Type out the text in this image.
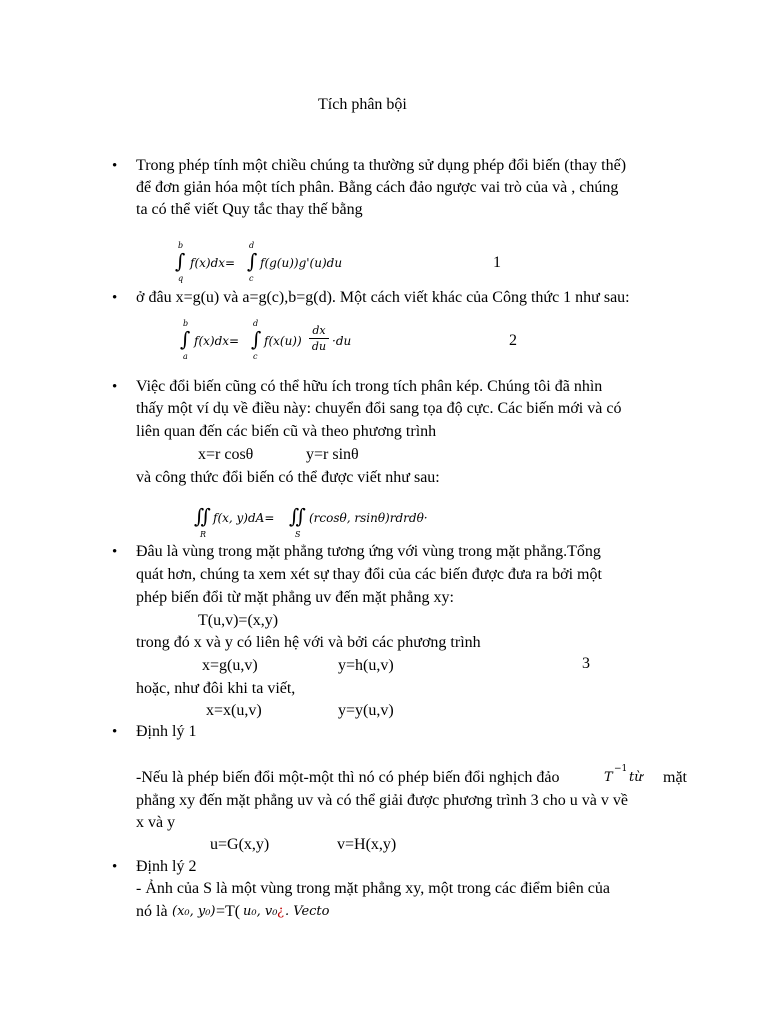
Tích phân bội
• Trong phép tính một chiều chúng ta thường sử dụng phép đổi biến (thay thế)
để đơn giản hóa một tích phân. Bằng cách đảo ngược vai trò của và , chúng
ta có thể viết Quy tắc thay thế bằng
b
∫
q
f(x)dx=
d
∫
c
f(g(u))g'(u)du	1
• ở đâu x=g(u) và a=g(c),b=g(d). Một cách viết khác của Công thức 1 như sau:
b
∫
a
f(x)dx=
d
∫
c
f(x(u))
dx
du ·du	2
• Việc đổi biến cũng có thể hữu ích trong tích phân kép. Chúng tôi đã nhìn
thấy một ví dụ về điều này: chuyển đổi sang tọa độ cực. Các biến mới và có
liên quan đến các biến cũ và theo phương trình
x=r cosθ	y=r sinθ
và công thức đổi biến có thể được viết như sau:
∬
R
f(x, y)dA= ∬
S
(rcosθ, rsinθ)rdrdθ·
• Đâu là vùng trong mặt phẳng tương ứng với vùng trong mặt phẳng.Tổng
quát hơn, chúng ta xem xét sự thay đổi của các biến được đưa ra bởi một
phép biến đổi từ mặt phẳng uv đến mặt phẳng xy:
T(u,v)=(x,y)
trong đó x và y có liên hệ với và bởi các phương trình
x=g(u,v)	y=h(u,v)	3
hoặc, như đôi khi ta viết,
x=x(u,v)	y=y(u,v)
• Định lý 1
-Nếu là phép biến đổi một-một thì nó có phép biến đổi nghịch đảo	T
−1
từ mặt
phẳng xy đến mặt phẳng uv và có thể giải được phương trình 3 cho u và v về
x và y
u=G(x,y)	v=H(x,y)
• Định lý 2
- Ảnh của S là một vùng trong mặt phẳng xy, một trong các điểm biên của
nó là (x₀, y₀) =T( u₀, v₀ ¿ . Vecto
